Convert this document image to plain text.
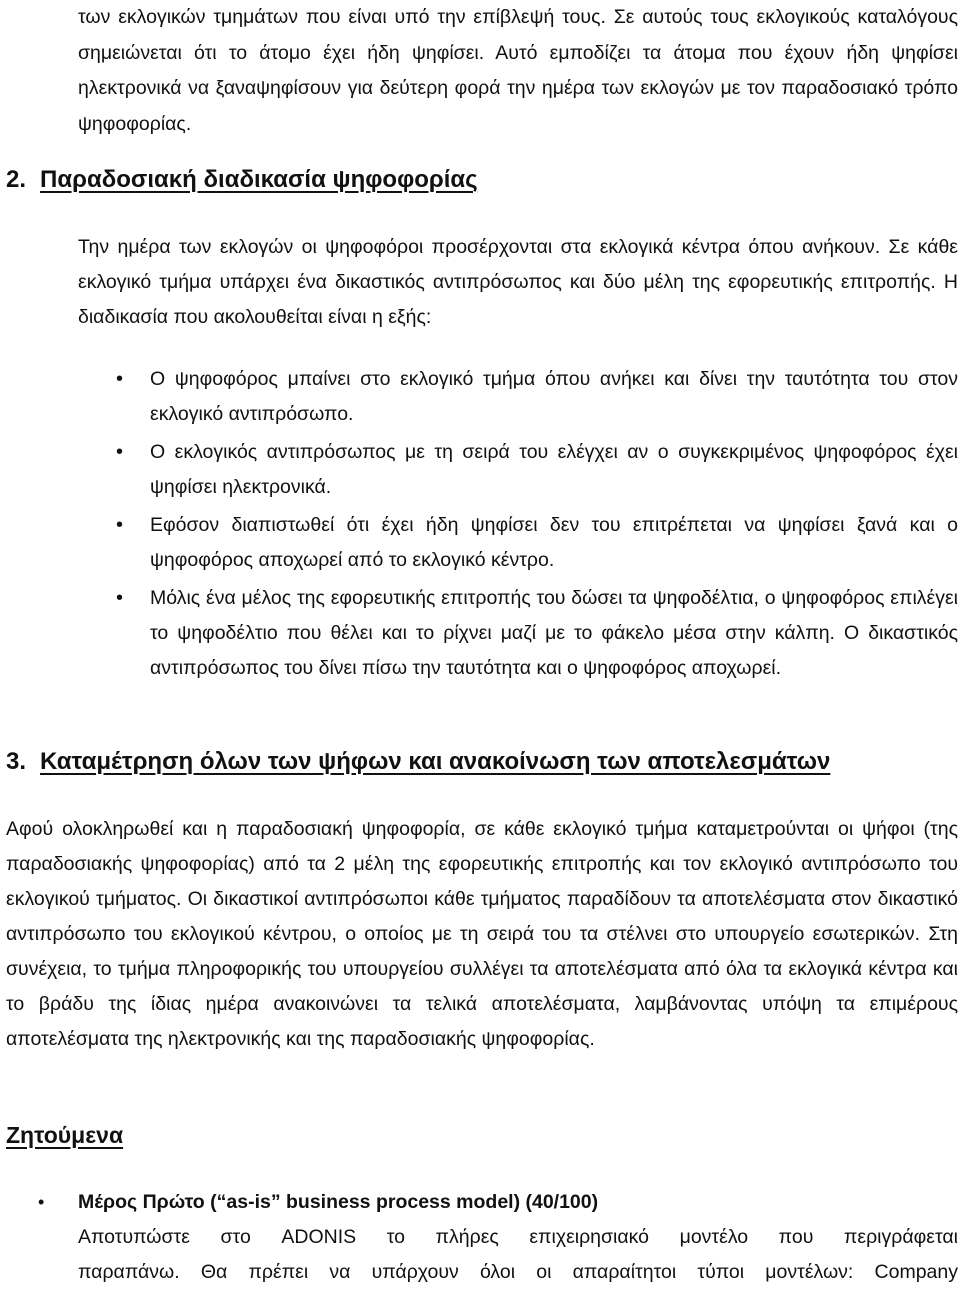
των εκλογικών τμημάτων που είναι υπό την επίβλεψή τους. Σε αυτούς τους εκλογικούς καταλόγους σημειώνεται ότι το άτομο έχει ήδη ψηφίσει. Αυτό εμποδίζει τα άτομα που έχουν ήδη ψηφίσει ηλεκτρονικά να ξαναψηφίσουν για δεύτερη φορά την ημέρα των εκλογών με τον παραδοσιακό τρόπο ψηφοφορίας.

2. Παραδοσιακή διαδικασία ψηφοφορίας

Την ημέρα των εκλογών οι ψηφοφόροι προσέρχονται στα εκλογικά κέντρα όπου ανήκουν. Σε κάθε εκλογικό τμήμα υπάρχει ένα δικαστικός αντιπρόσωπος και δύο μέλη της εφορευτικής επιτροπής. Η διαδικασία που ακολουθείται είναι η εξής:

• Ο ψηφοφόρος μπαίνει στο εκλογικό τμήμα όπου ανήκει και δίνει την ταυτότητα του στον εκλογικό αντιπρόσωπο.
• Ο εκλογικός αντιπρόσωπος με τη σειρά του ελέγχει αν ο συγκεκριμένος ψηφοφόρος έχει ψηφίσει ηλεκτρονικά.
• Εφόσον διαπιστωθεί ότι έχει ήδη ψηφίσει δεν του επιτρέπεται να ψηφίσει ξανά και ο ψηφοφόρος αποχωρεί από το εκλογικό κέντρο.
• Μόλις ένα μέλος της εφορευτικής επιτροπής του δώσει τα ψηφοδέλτια, ο ψηφοφόρος επιλέγει το ψηφοδέλτιο που θέλει και το ρίχνει μαζί με το φάκελο μέσα στην κάλπη. Ο δικαστικός αντιπρόσωπος του δίνει πίσω την ταυτότητα και ο ψηφοφόρος αποχωρεί.
3. Καταμέτρηση όλων των ψήφων και ανακοίνωση των αποτελεσμάτων

Αφού ολοκληρωθεί και η παραδοσιακή ψηφοφορία, σε κάθε εκλογικό τμήμα καταμετρούνται οι ψήφοι (της παραδοσιακής ψηφοφορίας) από τα 2 μέλη της εφορευτικής επιτροπής και τον εκλογικό αντιπρόσωπο του εκλογικού τμήματος. Οι δικαστικοί αντιπρόσωποι κάθε τμήματος παραδίδουν τα αποτελέσματα στον δικαστικό αντιπρόσωπο του εκλογικού κέντρου, ο οποίος με τη σειρά του τα στέλνει στο υπουργείο εσωτερικών. Στη συνέχεια, το τμήμα πληροφορικής του υπουργείου συλλέγει τα αποτελέσματα από όλα τα εκλογικά κέντρα και το βράδυ της ίδιας ημέρα ανακοινώνει τα τελικά αποτελέσματα, λαμβάνοντας υπόψη τα επιμέρους αποτελέσματα της ηλεκτρονικής και της παραδοσιακής ψηφοφορίας.

Ζητούμενα
• Μέρος Πρώτο (“as-is” business process model) (40/100)
Αποτυπώστε στο ADONIS το πλήρες επιχειρησιακό μοντέλο που περιγράφεται
παραπάνω. Θα πρέπει να υπάρχουν όλοι οι απαραίτητοι τύποι μοντέλων: Company
